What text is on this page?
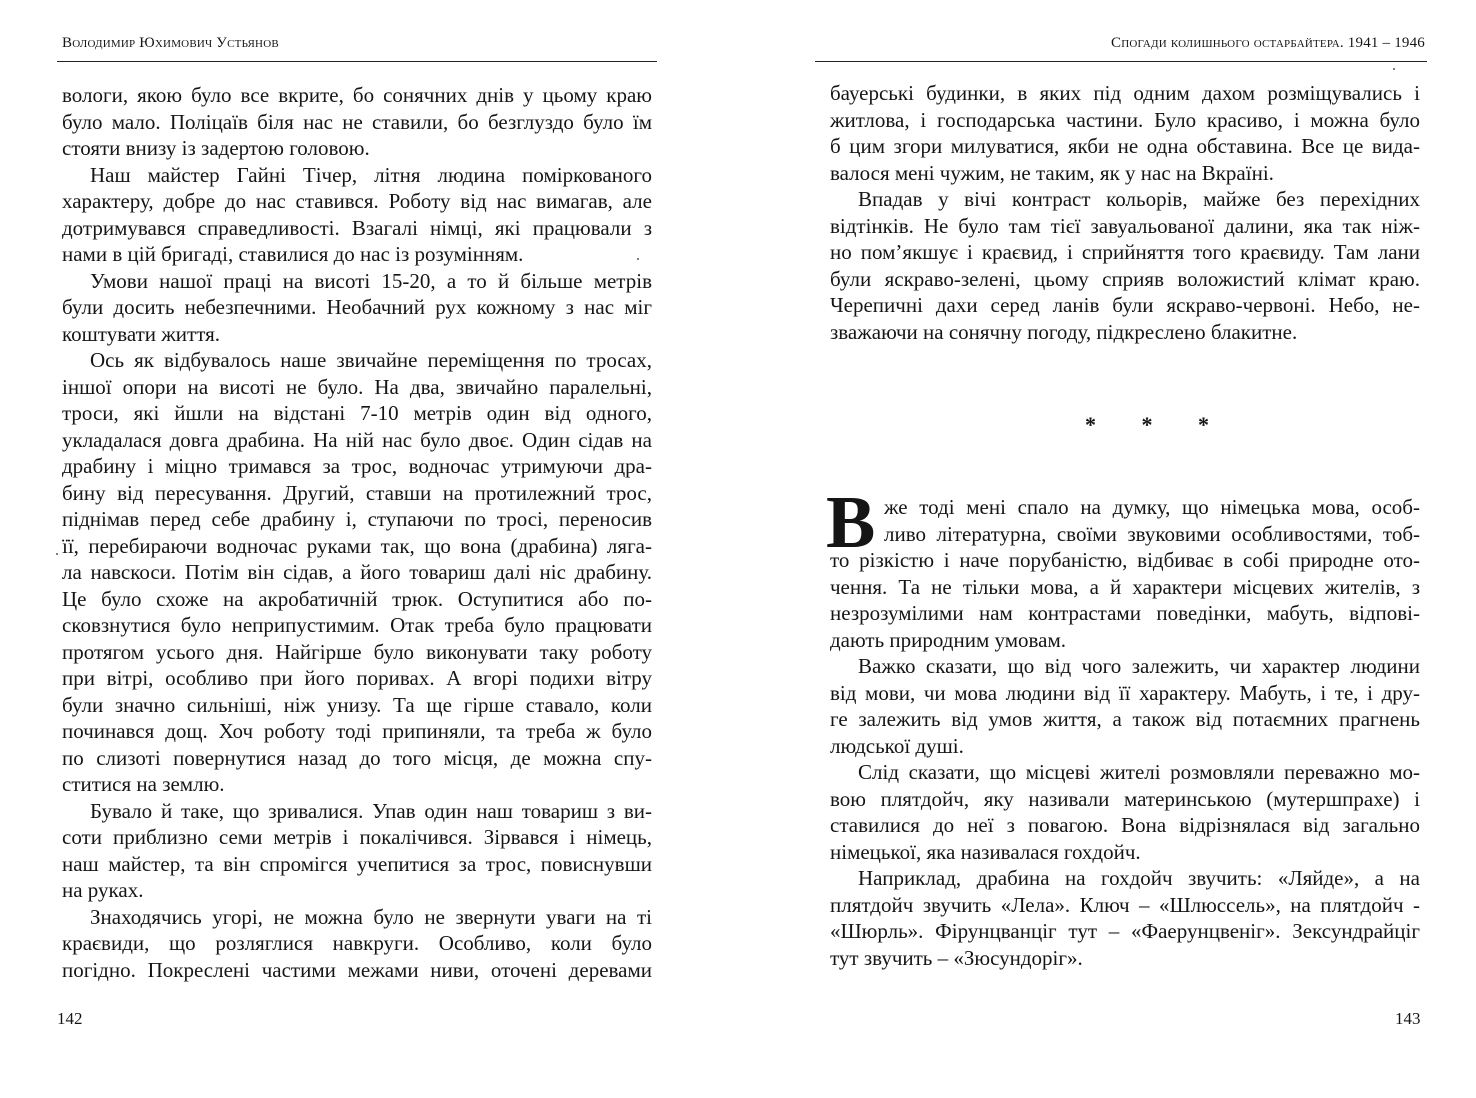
Володимир Юхимович Устьянов
вологи, якою було все вкрите, бо сонячних днів у цьому краю
було мало. Поліцаїв біля нас не ставили, бо безглуздо було їм
стояти внизу із задертою головою.
Наш майстер Гайні Тічер, літня людина поміркованого
характеру, добре до нас ставився. Роботу від нас вимагав, але
дотримувався справедливості. Взагалі німці, які працювали з
нами в цій бригаді, ставилися до нас із розумінням.
Умови нашої праці на висоті 15-20, а то й більше метрів
були досить небезпечними. Необачний рух кожному з нас міг
коштувати життя.
Ось як відбувалось наше звичайне переміщення по тросах,
іншої опори на висоті не було. На два, звичайно паралельні,
троси, які йшли на відстані 7-10 метрів один від одного,
укладалася довга драбина. На ній нас було двоє. Один сідав на
драбину і міцно тримався за трос, водночас утримуючи дра-
бину від пересування. Другий, ставши на протилежний трос,
піднімав перед себе драбину і, ступаючи по тросі, переносив
її, перебираючи водночас руками так, що вона (драбина) ляга-
ла навскоси. Потім він сідав, а його товариш далі ніс драбину.
Це було схоже на акробатичній трюк. Оступитися або по-
сковзнутися було неприпустимим. Отак треба було працювати
протягом усього дня. Найгірше було виконувати таку роботу
при вітрі, особливо при його поривах. А вгорі подихи вітру
були значно сильніші, ніж унизу. Та ще гірше ставало, коли
починався дощ. Хоч роботу тоді припиняли, та треба ж було
по слизоті повернутися назад до того місця, де можна спу-
ститися на землю.
Бувало й таке, що зривалися. Упав один наш товариш з ви-
соти приблизно семи метрів і покалічився. Зірвався і німець,
наш майстер, та він спромігся учепитися за трос, повиснувши
на руках.
Знаходячись угорі, не можна було не звернути уваги на ті
краєвиди, що розляглися навкруги. Особливо, коли було
погідно. Покреслені частими межами ниви, оточені деревами
142
Спогади колишнього остарбайтера. 1941 – 1946
бауерські будинки, в яких під одним дахом розміщувались і
житлова, і господарська частини. Було красиво, і можна було
б цим згори милуватися, якби не одна обставина. Все це вида-
валося мені чужим, не таким, як у нас на Вкраїні.
Впадав у вічі контраст кольорів, майже без перехідних
відтінків. Не було там тієї завуальованої далини, яка так ніж-
но пом’якшує і краєвид, і сприйняття того краєвиду. Там лани
були яскраво-зелені, цьому сприяв воложистий клімат краю.
Черепичні дахи серед ланів були яскраво-червоні. Небо, не-
зважаючи на сонячну погоду, підкреслено блакитне.
* * *
В же тоді мені спало на думку, що німецька мова, особ-
ливо літературна, своїми звуковими особливостями, тоб-
то різкістю і наче порубаністю, відбиває в собі природне ото-
чення. Та не тільки мова, а й характери місцевих жителів, з
незрозумілими нам контрастами поведінки, мабуть, відпові-
дають природним умовам.
Важко сказати, що від чого залежить, чи характер людини
від мови, чи мова людини від її характеру. Мабуть, і те, і дру-
ге залежить від умов життя, а також від потаємних прагнень
людської душі.
Слід сказати, що місцеві жителі розмовляли переважно мо-
вою плятдойч, яку називали материнською (мутершпрахе) і
ставилися до неї з повагою. Вона відрізнялася від загально
німецької, яка називалася гохдойч.
Наприклад, драбина на гохдойч звучить: «Ляйде», а на
плятдойч звучить «Лела». Ключ – «Шлюссель», на плятдойч -
«Шюрль». Фірунцванціг тут – «Фаерунцвеніг». Зексундрайціг
тут звучить – «Зюсундоріг».
143
